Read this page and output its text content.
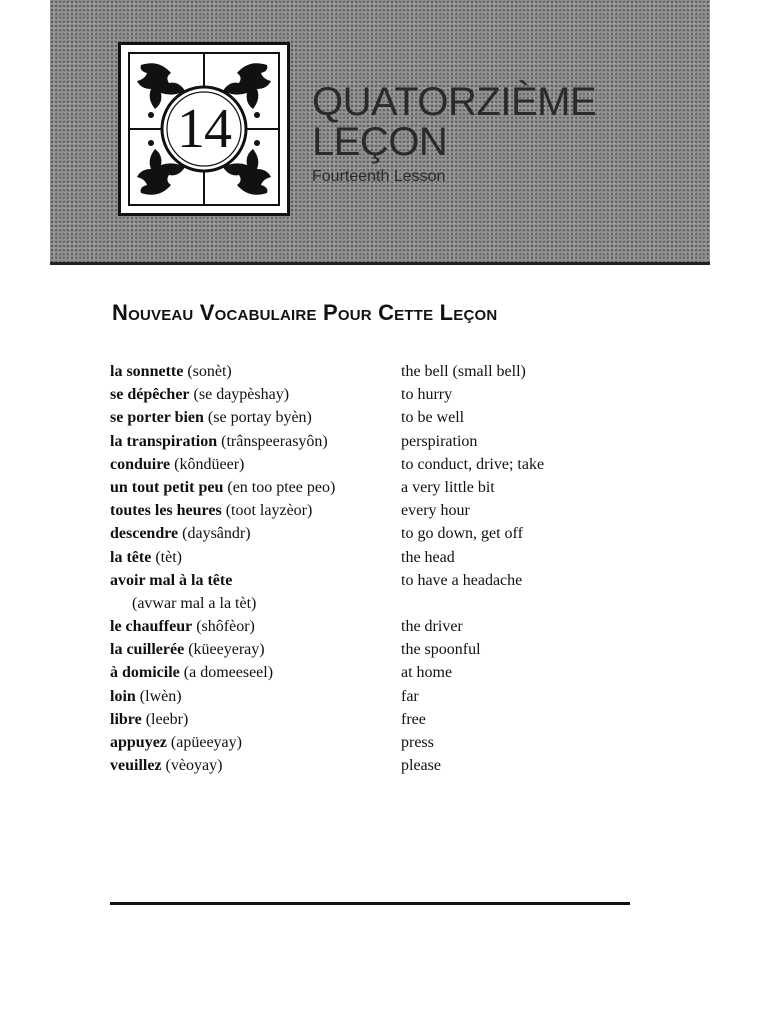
14	QUATORZIÈME
LEÇON
Fourteenth Lesson
Nouveau Vocabulaire Pour Cette Leçon
la sonnette (sonèt)	the bell (small bell)
se dépêcher (se daypèshay)	to hurry
se porter bien (se portay byèn)	to be well
la transpiration (trânspeerasyôn)	perspiration
conduire (kôndüeer)	to conduct, drive; take
un tout petit peu (en too ptee peo)	a very little bit
toutes les heures (toot layzèor)	every hour
descendre (daysândr)	to go down, get off
la tête (tèt)	the head
avoir mal à la tête	to have a headache
(avwar mal a la tèt)
le chauffeur (shôfèor)	the driver
la cuillerée (küeeyeray)	the spoonful
à domicile (a domeeseel)	at home
loin (lwèn)	far
libre (leebr)	free
appuyez (apüeeyay)	press
veuillez (vèoyay)	please
